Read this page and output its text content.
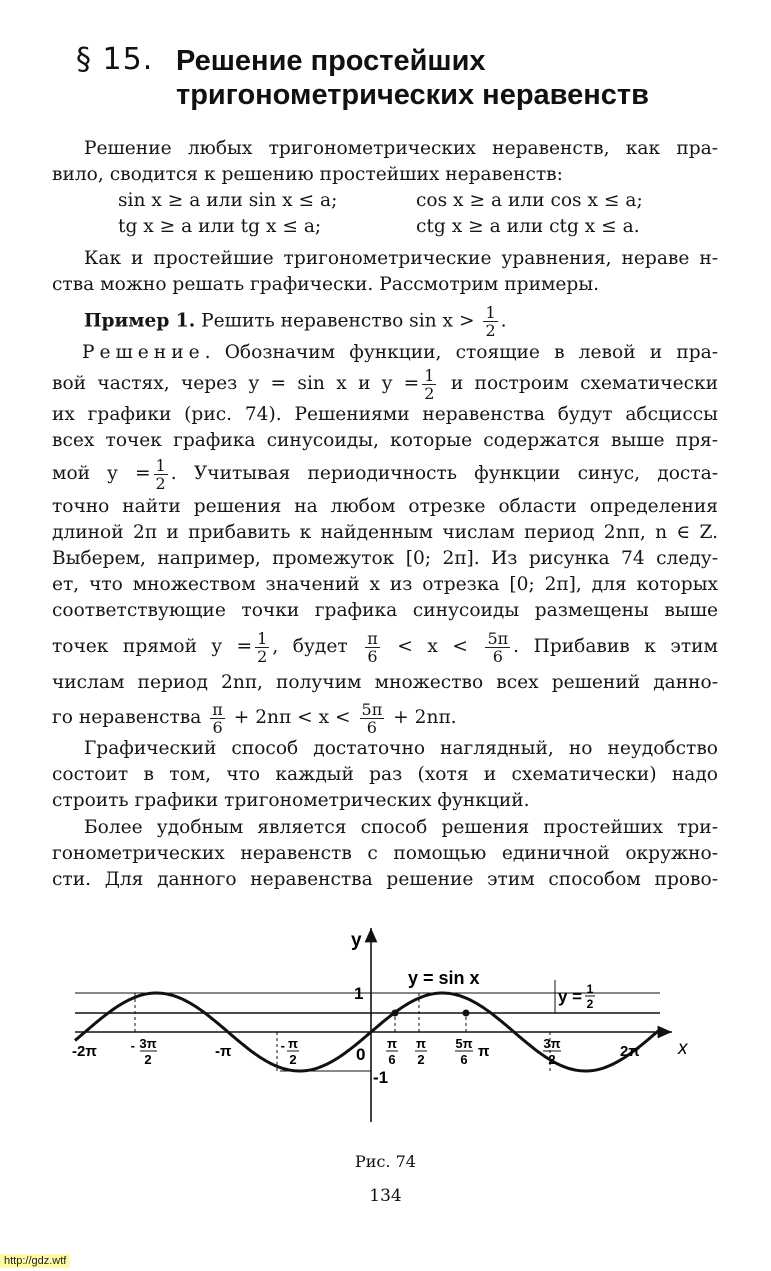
§ 15. Решение простейших
тригонометрических неравенств

Решение любых тригонометрических неравенств, как пра-

вило, сводится к решению простейших неравенств:

sin x ≥ a или sin x ≤ a;	cos x ≥ a или cos x ≤ a;
tg x ≥ a или tg x ≤ a;	ctg x ≥ a или ctg x ≤ a.

Как и простейшие тригонометрические уравнения, нераве н-

ства можно решать графически. Рассмотрим примеры.

Пример 1. Решить неравенство $\sin x > \frac{1}{2}$ .

Решение. Обозначим функции, стоящие в левой и пра-

вой частях, через y = sin x и $y = \frac{1}{2}$ и построим схематически

их графики (рис. 74). Решениями неравенства будут абсциссы

всех точек графика синусоиды, которые содержатся выше пря-

мой $y = \frac{1}{2}$ . Учитывая периодичность функции синус, доста-

точно найти решения на любом отрезке области определения

длиной 2π и прибавить к найденным числам период 2nπ, n ∈ Z.

Выберем, например, промежуток [0; 2π]. Из рисунка 74 следу-

ет, что множеством значений x из отрезка [0; 2π], для которых

соответствующие точки графика синусоиды размещены выше

точек прямой $y = \frac{1}{2}$ , будет $\frac{\pi}{6} < x < \frac{5\pi}{6}$ . Прибавив к этим

числам период 2nπ, получим множество всех решений данно-

го неравенства $\frac{\pi}{6} + 2n\pi < x < \frac{5\pi}{6} + 2n\pi$.

Графический способ достаточно наглядный, но неудобство

состоит в том, что каждый раз (хотя и схематически) надо

строить графики тригонометрических функций.

Более удобным является способ решения простейших три-

гонометрических неравенств с помощью единичной окружно-

сти. Для данного неравенства решение этим способом прово-

y
x
y = sin x
y = 1
2
1
-1
0
-2π	- 3π
2	-π	- π
2
π
6
π
2
5π
6 π	3π
2	2π
Рис. 74
134
http://gdz.wtf
